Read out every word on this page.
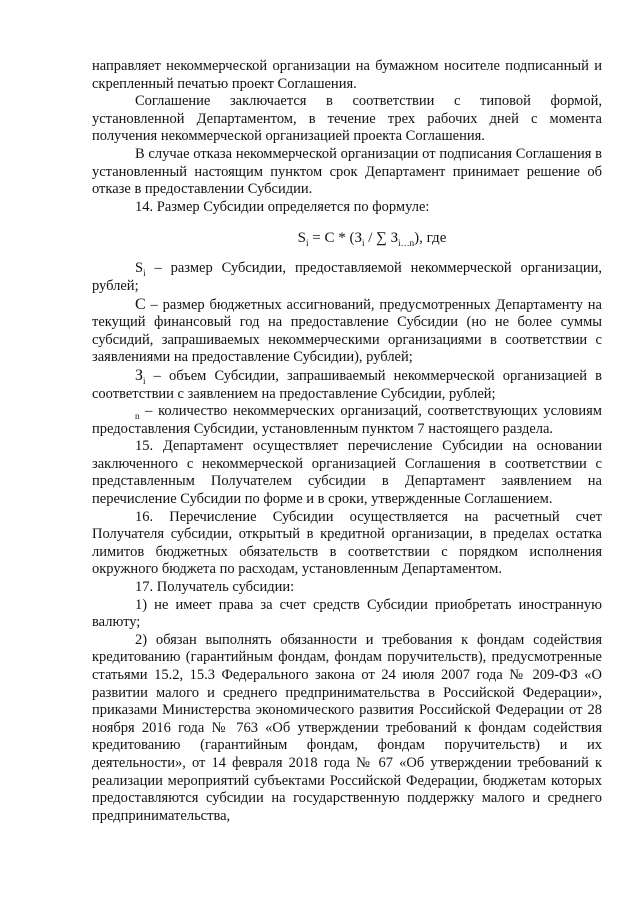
направляет некоммерческой организации на бумажном носителе подписанный и скрепленный печатью проект Соглашения.

Соглашение заключается в соответствии с типовой формой, установленной Департаментом, в течение трех рабочих дней с момента получения некоммерческой организацией проекта Соглашения.

В случае отказа некоммерческой организации от подписания Соглашения в установленный настоящим пунктом срок Департамент принимает решение об отказе в предоставлении Субсидии.

14. Размер Субсидии определяется по формуле:

$S_i = C * (З_i$ / ∑ $З_{i\dots n}$), где

$S_i$ – размер Субсидии, предоставляемой некоммерческой организации, рублей;

С – размер бюджетных ассигнований, предусмотренных Департаменту на текущий финансовый год на предоставление Субсидии (но не более суммы субсидий, запрашиваемых некоммерческими организациями в соответствии с заявлениями на предоставление Субсидии), рублей;

$З_i$ – объем Субсидии, запрашиваемый некоммерческой организацией в соответствии с заявлением на предоставление Субсидии, рублей;

$_n$ – количество некоммерческих организаций, соответствующих условиям предоставления Субсидии, установленным пунктом 7 настоящего раздела.

15. Департамент осуществляет перечисление Субсидии на основании заключенного с некоммерческой организацией Соглашения в соответствии с представленным Получателем субсидии в Департамент заявлением на перечисление Субсидии по форме и в сроки, утвержденные Соглашением.

16. Перечисление Субсидии осуществляется на расчетный счет Получателя субсидии, открытый в кредитной организации, в пределах остатка лимитов бюджетных обязательств в соответствии с порядком исполнения окружного бюджета по расходам, установленным Департаментом.

17. Получатель субсидии:

1) не имеет права за счет средств Субсидии приобретать иностранную валюту;

2) обязан выполнять обязанности и требования к фондам содействия кредитованию (гарантийным фондам, фондам поручительств), предусмотренные статьями 15.2, 15.3 Федерального закона от 24 июля 2007 года № 209-ФЗ «О развитии малого и среднего предпринимательства в Российской Федерации», приказами Министерства экономического развития Российской Федерации от 28 ноября 2016 года № 763 «Об утверждении требований к фондам содействия кредитованию (гарантийным фондам, фондам поручительств) и их деятельности», от 14 февраля 2018 года № 67 «Об утверждении требований к реализации мероприятий субъектами Российской Федерации, бюджетам которых предоставляются субсидии на государственную поддержку малого и среднего предпринимательства,
